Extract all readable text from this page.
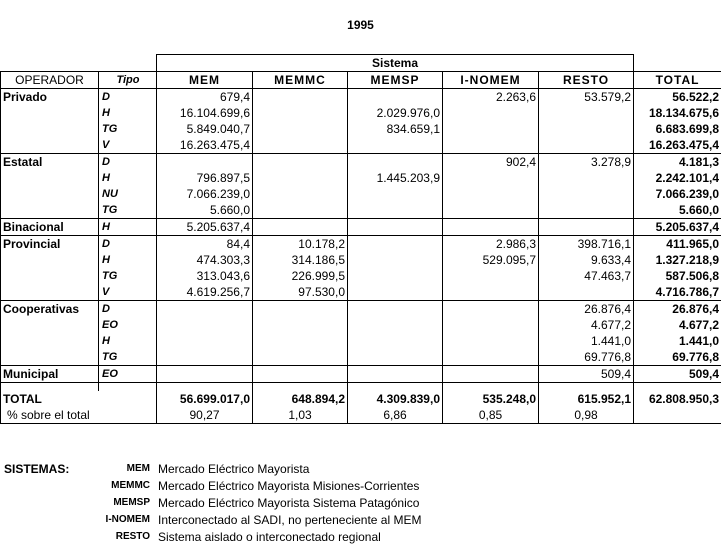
1995
		Sistema					
OPERADOR	Tipo	MEM	MEMMC	MEMSP	I-NOMEM	RESTO	TOTAL
Privado	D	679,4			2.263,6	53.579,2	56.522,2
	H	16.104.699,6		2.029.976,0			18.134.675,6
	TG	5.849.040,7		834.659,1			6.683.699,8
	V	16.263.475,4					16.263.475,4
Estatal	D				902,4	3.278,9	4.181,3
	H	796.897,5		1.445.203,9			2.242.101,4
	NU	7.066.239,0					7.066.239,0
	TG	5.660,0					5.660,0
Binacional	H	5.205.637,4					5.205.637,4
Provincial	D	84,4	10.178,2		2.986,3	398.716,1	411.965,0
	H	474.303,3	314.186,5		529.095,7	9.633,4	1.327.218,9
	TG	313.043,6	226.999,5			47.463,7	587.506,8
	V	4.619.256,7	97.530,0				4.716.786,7
Cooperativas	D					26.876,4	26.876,4
	EO					4.677,2	4.677,2
	H					1.441,0	1.441,0
	TG					69.776,8	69.776,8
Municipal	EO					509,4	509,4

TOTAL		56.699.017,0	648.894,2	4.309.839,0	535.248,0	615.952,1	62.808.950,3
% sobre el total		90,27	1,03	6,86	0,85	0,98	
SISTEMAS:	MEM Mercado Eléctrico Mayorista
MEMMC Mercado Eléctrico Mayorista Misiones-Corrientes
MEMSP Mercado Eléctrico Mayorista Sistema Patagónico
I-NOMEM Interconectado al SADI, no perteneciente al MEM
RESTO Sistema aislado o interconectado regional
